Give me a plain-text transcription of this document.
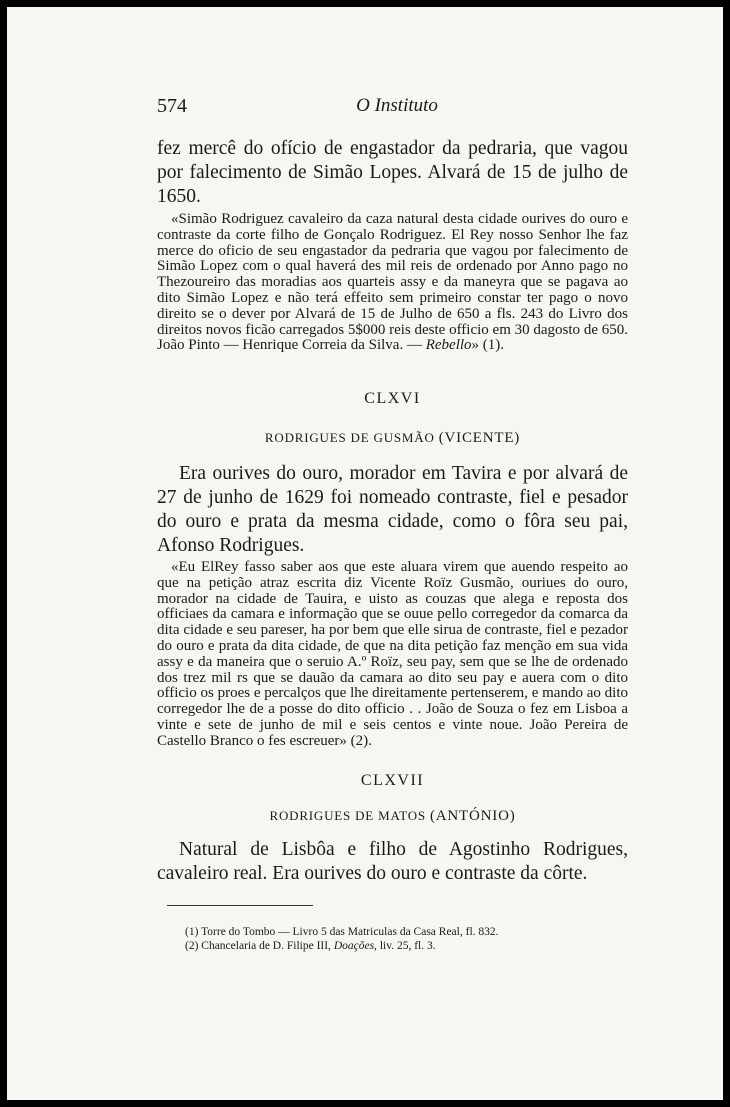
574	O Instituto

fez mercê do ofício de engastador da pedraria, que vagou por falecimento de Simão Lopes. Alvará de 15 de julho de 1650.

«Simão Rodriguez cavaleiro da caza natural desta cidade ourives do ouro e contraste da corte filho de Gonçalo Rodriguez. El Rey nosso Senhor lhe faz merce do oficio de seu engastador da pedraria que vagou por falecimento de Simão Lopez com o qual haverá des mil reis de ordenado por Anno pago no Thezoureiro das moradias aos quarteis assy e da maneyra que se pagava ao dito Simão Lopez e não terá effeito sem primeiro constar ter pago o novo direito se o dever por Alvará de 15 de Julho de 650 a fls. 243 do Livro dos direitos novos ficão carregados 5$000 reis deste officio em 30 dagosto de 650. João Pinto — Henrique Correia da Silva. — Rebello» (1).

CLXVI
RODRIGUES DE GUSMÃO (VICENTE)

Era ourives do ouro, morador em Tavira e por alvará de 27 de junho de 1629 foi nomeado contraste, fiel e pesador do ouro e prata da mesma cidade, como o fôra seu pai, Afonso Rodrigues.

«Eu ElRey fasso saber aos que este aluara virem que auendo respeito ao que na petição atraz escrita diz Vicente Roïz Gusmão, ouriues do ouro, morador na cidade de Tauira, e uisto as couzas que alega e reposta dos officiaes da camara e informação que se ouue pello corregedor da comarca da dita cidade e seu pareser, ha por bem que elle sirua de contraste, fiel e pezador do ouro e prata da dita cidade, de que na dita petição faz menção em sua vida assy e da maneira que o seruio A.º Roïz, seu pay, sem que se lhe de ordenado dos trez mil rs que se dauão da camara ao dito seu pay e auera com o dito officio os proes e percalços que lhe direitamente pertenserem, e mando ao dito corregedor lhe de a posse do dito officio . . João de Souza o fez em Lisboa a vinte e sete de junho de mil e seis centos e vinte noue. João Pereira de Castello Branco o fes escreuer» (2).

CLXVII
RODRIGUES DE MATOS (ANTÓNIO)

Natural de Lisbôa e filho de Agostinho Rodrigues, cavaleiro real. Era ourives do ouro e contraste da côrte.

(1) Torre do Tombo — Livro 5 das Matriculas da Casa Real, fl. 832.
(2) Chancelaria de D. Filipe III, Doações, liv. 25, fl. 3.
